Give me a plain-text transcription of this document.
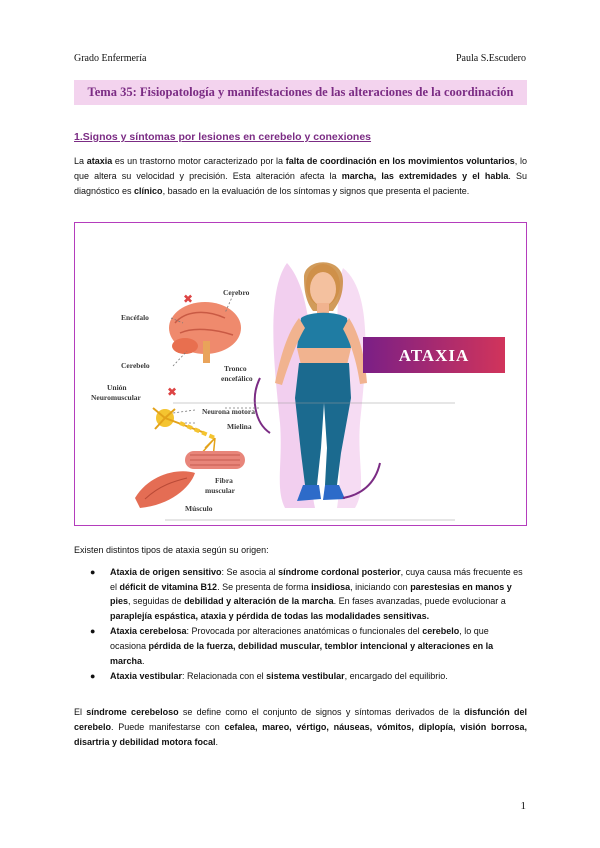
Grado Enfermería	Paula S.Escudero
Tema 35: Fisiopatología y manifestaciones de las alteraciones de la coordinación
1.Signos y síntomas por lesiones en cerebelo y conexiones

La ataxia es un trastorno motor caracterizado por la falta de coordinación en los movimientos voluntarios, lo que altera su velocidad y precisión. Esta alteración afecta la marcha, las extremidades y el habla. Su diagnóstico es clínico, basado en la evaluación de los síntomas y signos que presenta el paciente.

ATAXIA
✖
✖
Cerebro
Encéfalo
Cerebelo	Tronco
encefálico
Unión
Neuromuscular
Neurona motora
Mielina
Fibra
muscular
Músculo
Existen distintos tipos de ataxia según su origen:
● Ataxia de origen sensitivo: Se asocia al síndrome cordonal posterior, cuya causa más frecuente es el déficit de vitamina B12. Se presenta de forma insidiosa, iniciando con parestesias en manos y pies, seguidas de debilidad y alteración de la marcha. En fases avanzadas, puede evolucionar a paraplejía espástica, ataxia y pérdida de todas las modalidades sensitivas.
● Ataxia cerebelosa: Provocada por alteraciones anatómicas o funcionales del cerebelo, lo que ocasiona pérdida de la fuerza, debilidad muscular, temblor intencional y alteraciones en la marcha.
● Ataxia vestibular: Relacionada con el sistema vestibular, encargado del equilibrio.

El síndrome cerebeloso se define como el conjunto de signos y síntomas derivados de la disfunción del cerebelo. Puede manifestarse con cefalea, mareo, vértigo, náuseas, vómitos, diplopía, visión borrosa, disartria y debilidad motora focal.

1
